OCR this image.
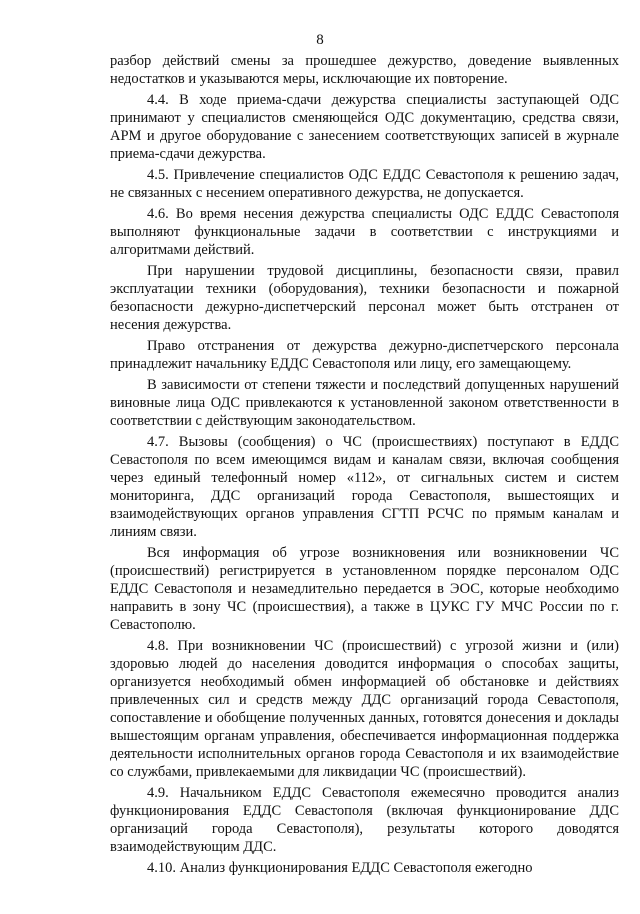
8

разбор действий смены за прошедшее дежурство, доведение выявленных недостатков и указываются меры, исключающие их повторение.

4.4. В ходе приема-сдачи дежурства специалисты заступающей ОДС принимают у специалистов сменяющейся ОДС документацию, средства связи, АРМ и другое оборудование с занесением соответствующих записей в журнале приема-сдачи дежурства.

4.5. Привлечение специалистов ОДС ЕДДС Севастополя к решению задач, не связанных с несением оперативного дежурства, не допускается.

4.6. Во время несения дежурства специалисты ОДС ЕДДС Севастополя выполняют функциональные задачи в соответствии с инструкциями и алгоритмами действий.

При нарушении трудовой дисциплины, безопасности связи, правил эксплуатации техники (оборудования), техники безопасности и пожарной безопасности дежурно-диспетчерский персонал может быть отстранен от несения дежурства.

Право отстранения от дежурства дежурно-диспетчерского персонала принадлежит начальнику ЕДДС Севастополя или лицу, его замещающему.

В зависимости от степени тяжести и последствий допущенных нарушений виновные лица ОДС привлекаются к установленной законом ответственности в соответствии с действующим законодательством.

4.7. Вызовы (сообщения) о ЧС (происшествиях) поступают в ЕДДС Севастополя по всем имеющимся видам и каналам связи, включая сообщения через единый телефонный номер «112», от сигнальных систем и систем мониторинга, ДДС организаций города Севастополя, вышестоящих и взаимодействующих органов управления СГТП РСЧС по прямым каналам и линиям связи.

Вся информация об угрозе возникновения или возникновении ЧС (происшествий) регистрируется в установленном порядке персоналом ОДС ЕДДС Севастополя и незамедлительно передается в ЭОС, которые необходимо направить в зону ЧС (происшествия), а также в ЦУКС ГУ МЧС России по г. Севастополю.

4.8. При возникновении ЧС (происшествий) с угрозой жизни и (или) здоровью людей до населения доводится информация о способах защиты, организуется необходимый обмен информацией об обстановке и действиях привлеченных сил и средств между ДДС организаций города Севастополя, сопоставление и обобщение полученных данных, готовятся донесения и доклады вышестоящим органам управления, обеспечивается информационная поддержка деятельности исполнительных органов города Севастополя и их взаимодействие со службами, привлекаемыми для ликвидации ЧС (происшествий).

4.9. Начальником ЕДДС Севастополя ежемесячно проводится анализ функционирования ЕДДС Севастополя (включая функционирование ДДС организаций города Севастополя), результаты которого доводятся взаимодействующим ДДС.

4.10. Анализ функционирования ЕДДС Севастополя ежегодно
